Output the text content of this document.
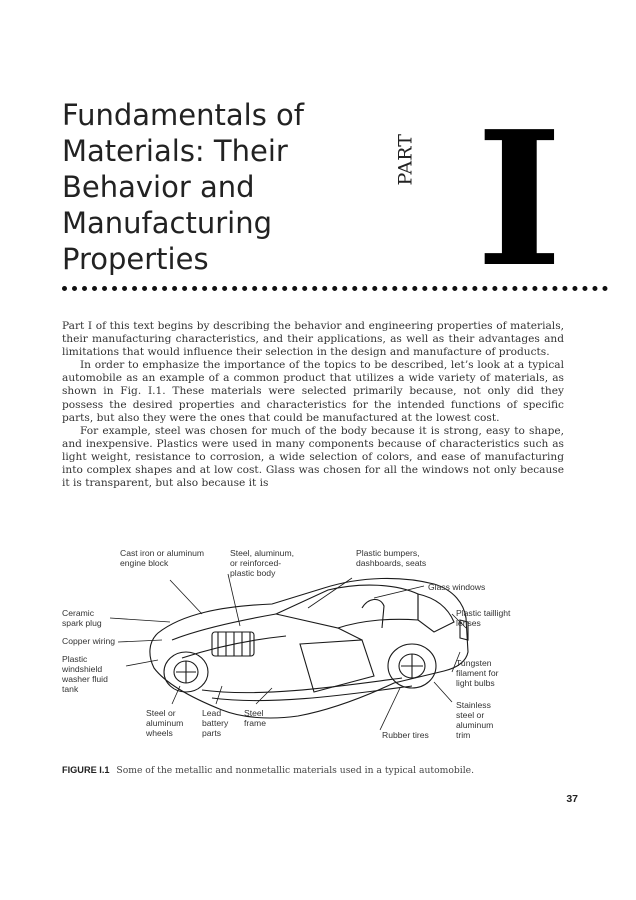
Fundamentals of
Materials: Their
Behavior and
Manufacturing
Properties
PART I

Part I of this text begins by describing the behavior and engineering properties of materials, their manufacturing characteristics, and their applications, as well as their advantages and limitations that would influence their selection in the design and manufacture of products.

In order to emphasize the importance of the topics to be described, let’s look at a typical automobile as an example of a common product that utilizes a wide variety of materials, as shown in Fig. I.1. These materials were selected primarily because, not only did they possess the desired properties and characteristics for the intended functions of specific parts, but also they were the ones that could be manufactured at the lowest cost.

For example, steel was chosen for much of the body because it is strong, easy to shape, and inexpensive. Plastics were used in many components because of characteristics such as light weight, resistance to corrosion, a wide selection of colors, and ease of manufacturing into complex shapes and at low cost. Glass was chosen for all the windows not only because it is transparent, but also because it is

Cast iron or aluminum
engine block

Steel, aluminum,
or reinforced-
plastic body

Plastic bumpers,
dashboards, seats

Glass windows

Ceramic
spark plug

Copper wiring

Plastic
windshield
washer fluid
tank

Plastic taillight
lenses

Tungsten
filament for
light bulbs

Stainless
steel or
aluminum
trim

Steel or
aluminum
wheels

Lead
battery
parts

Steel
frame

Rubber tires

FIGURE I.1 Some of the metallic and nonmetallic materials used in a typical automobile.

37
